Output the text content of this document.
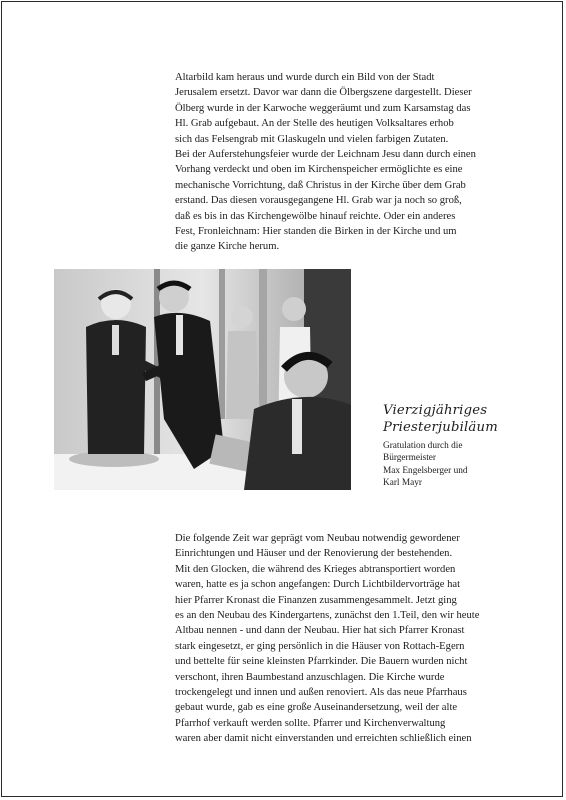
Altarbild kam heraus und wurde durch ein Bild von der Stadt
Jerusalem ersetzt. Davor war dann die Ölbergszene dargestellt. Dieser
Ölberg wurde in der Karwoche weggeräumt und zum Karsamstag das
Hl. Grab aufgebaut. An der Stelle des heutigen Volksaltares erhob
sich das Felsengrab mit Glaskugeln und vielen farbigen Zutaten.
Bei der Auferstehungsfeier wurde der Leichnam Jesu dann durch einen
Vorhang verdeckt und oben im Kirchenspeicher ermöglichte es eine
mechanische Vorrichtung, daß Christus in der Kirche über dem Grab
erstand. Das diesen vorausgegangene Hl. Grab war ja noch so groß,
daß es bis in das Kirchengewölbe hinauf reichte. Oder ein anderes
Fest, Fronleichnam: Hier standen die Birken in der Kirche und um
die ganze Kirche herum.
Vierzigjähriges
Priesterjubiläum
Gratulation durch die
Bürgermeister
Max Engelsberger und
Karl Mayr
Die folgende Zeit war geprägt vom Neubau notwendig gewordener
Einrichtungen und Häuser und der Renovierung der bestehenden.
Mit den Glocken, die während des Krieges abtransportiert worden
waren, hatte es ja schon angefangen: Durch Lichtbildervorträge hat
hier Pfarrer Kronast die Finanzen zusammengesammelt. Jetzt ging
es an den Neubau des Kindergartens, zunächst den 1.Teil, den wir heute
Altbau nennen - und dann der Neubau. Hier hat sich Pfarrer Kronast
stark eingesetzt, er ging persönlich in die Häuser von Rottach-Egern
und bettelte für seine kleinsten Pfarrkinder. Die Bauern wurden nicht
verschont, ihren Baumbestand anzuschlagen. Die Kirche wurde
trockengelegt und innen und außen renoviert. Als das neue Pfarrhaus
gebaut wurde, gab es eine große Auseinandersetzung, weil der alte
Pfarrhof verkauft werden sollte. Pfarrer und Kirchenverwaltung
waren aber damit nicht einverstanden und erreichten schließlich einen
